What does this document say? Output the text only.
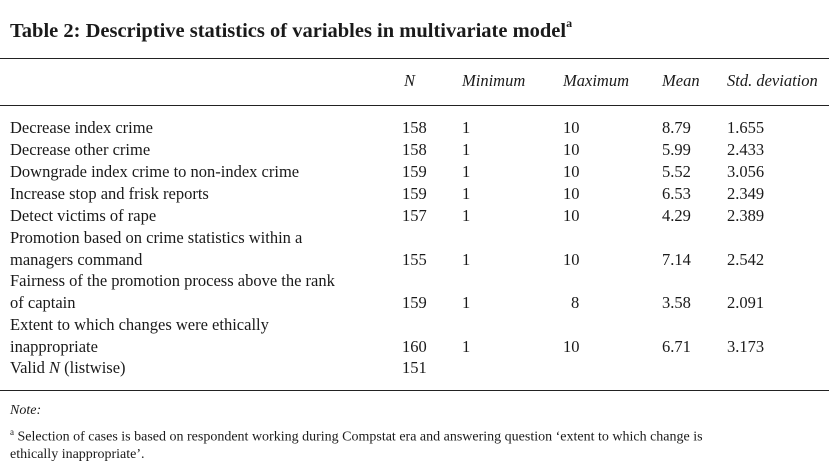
Table 2: Descriptive statistics of variables in multivariate model$^a$
N	Minimum Maximum Mean Std. deviation
Decrease index crime	158 1	10	8.79 1.655
Decrease other crime	158 1	10	5.99 2.433
Downgrade index crime to non-index crime	159 1	10	5.52 3.056
Increase stop and frisk reports	159 1	10	6.53 2.349
Detect victims of rape	157 1	10	4.29 2.389
Promotion based on crime statistics within a
managers command	155 1	10	7.14 2.542
Fairness of the promotion process above the rank
of captain	159 1	8	3.58 2.091
Extent to which changes were ethically
inappropriate	160 1	10	6.71 3.173
Valid N (listwise)	151
Note:
$^a$ Selection of cases is based on respondent working during Compstat era and answering question ‘extent to which change is
ethically inappropriate’.
